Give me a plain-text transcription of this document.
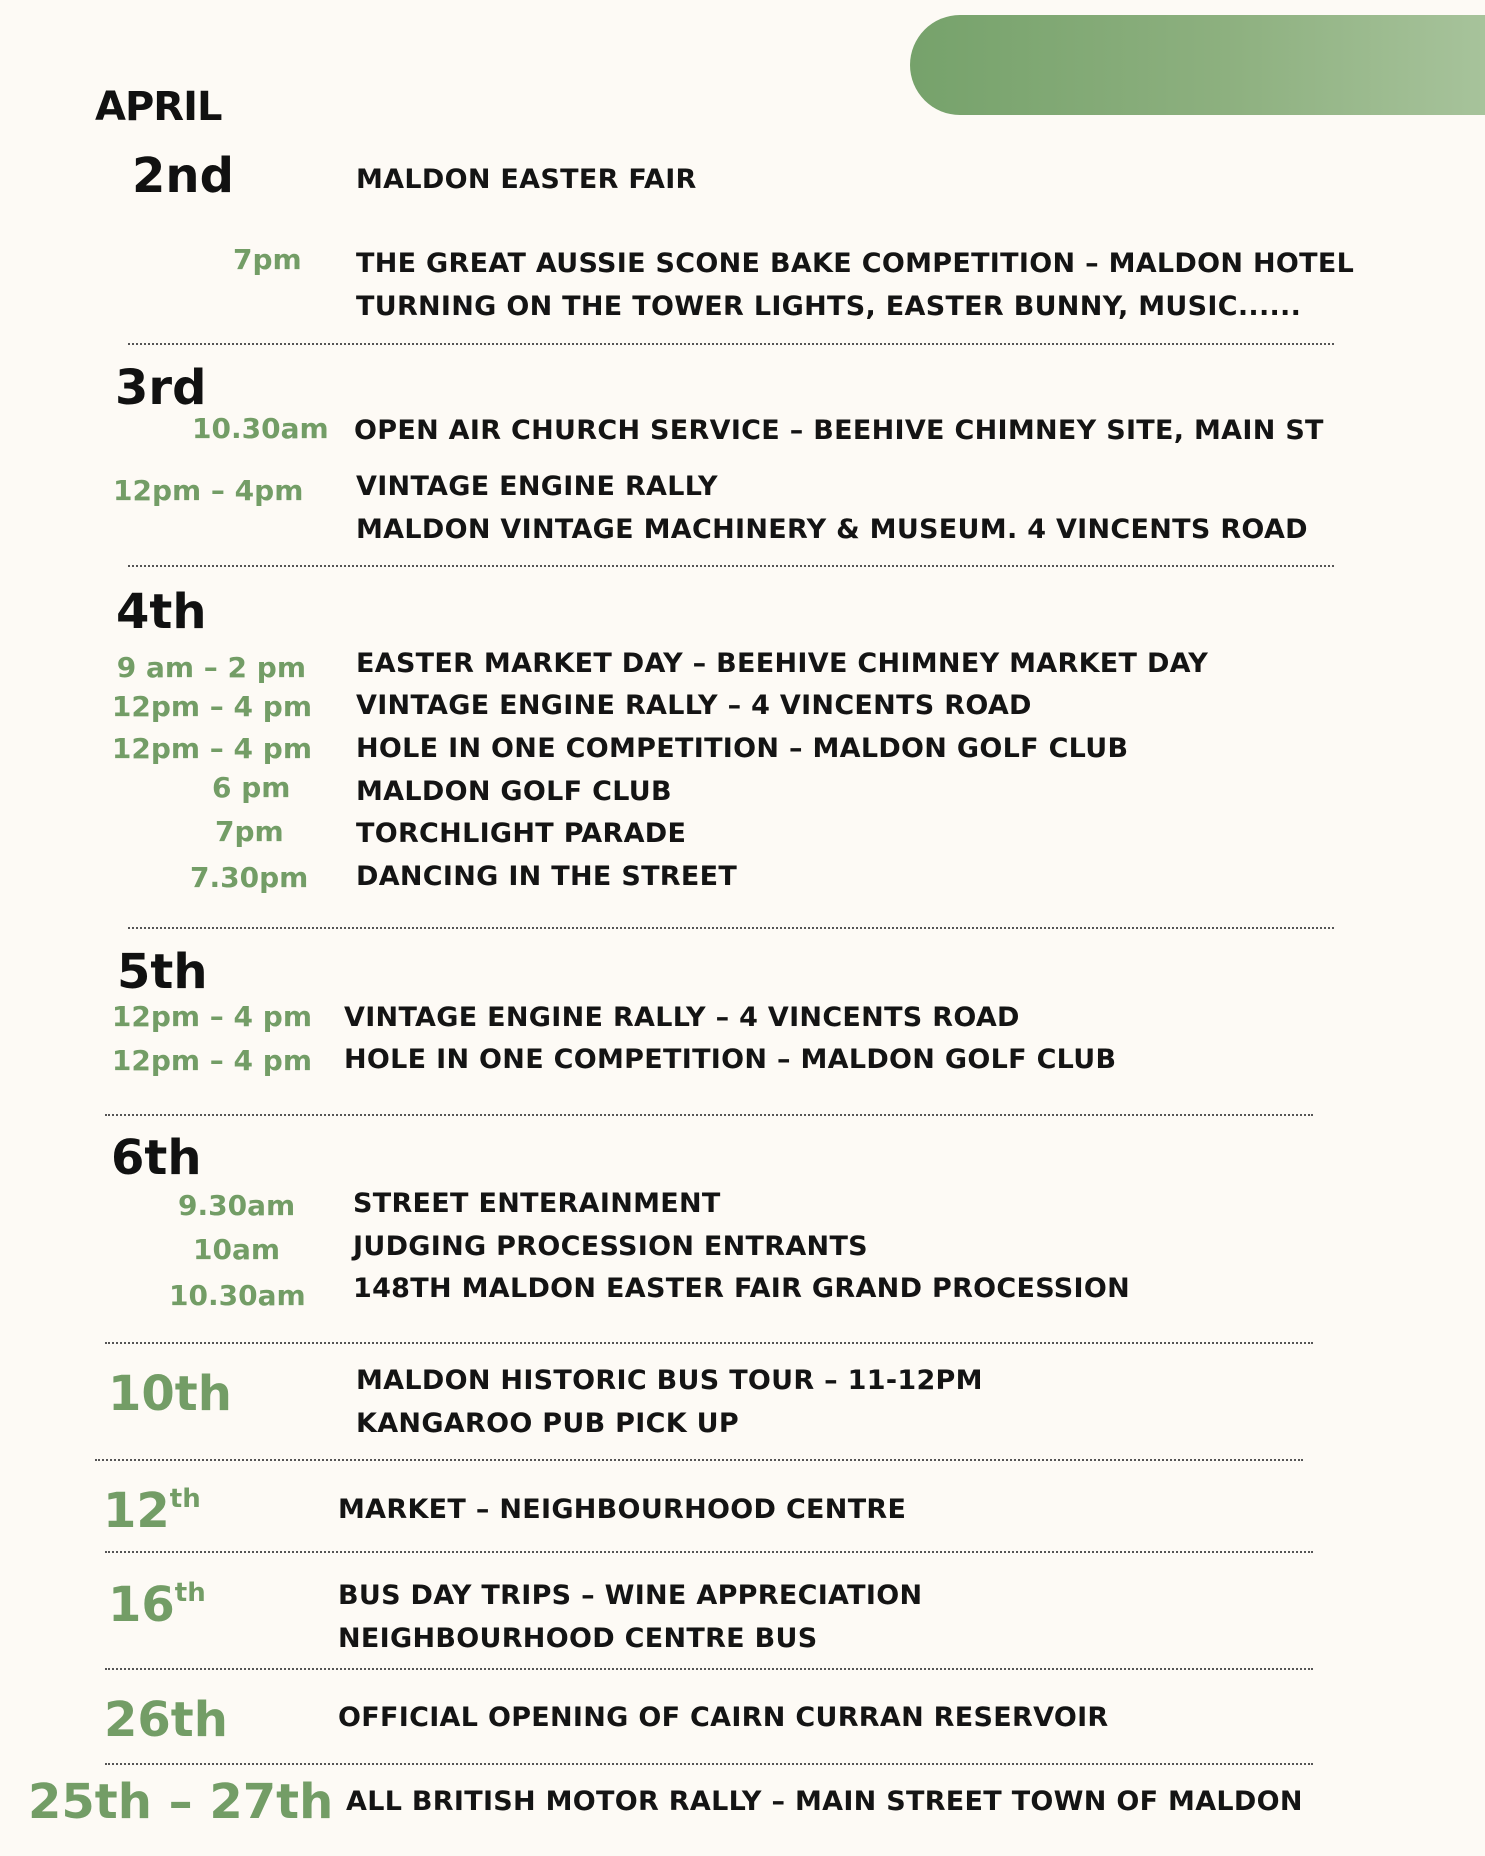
APRIL
2nd	MALDON EASTER FAIR
7pm THE GREAT AUSSIE SCONE BAKE COMPETITION – MALDON HOTEL
TURNING ON THE TOWER LIGHTS, EASTER BUNNY, MUSIC......
3rd
10.30am OPEN AIR CHURCH SERVICE – BEEHIVE CHIMNEY SITE, MAIN ST
12pm – 4pm VINTAGE ENGINE RALLY
MALDON VINTAGE MACHINERY & MUSEUM. 4 VINCENTS ROAD
4th
9 am – 2 pm EASTER MARKET DAY – BEEHIVE CHIMNEY MARKET DAY
12pm – 4 pm VINTAGE ENGINE RALLY – 4 VINCENTS ROAD
12pm – 4 pm HOLE IN ONE COMPETITION – MALDON GOLF CLUB
6 pm MALDON GOLF CLUB
7pm	TORCHLIGHT PARADE
7.30pm DANCING IN THE STREET
5th
12pm – 4 pm VINTAGE ENGINE RALLY – 4 VINCENTS ROAD
12pm – 4 pm HOLE IN ONE COMPETITION – MALDON GOLF CLUB
6th
9.30am STREET ENTERAINMENT
10am	JUDGING PROCESSION ENTRANTS
10.30am 148TH MALDON EASTER FAIR GRAND PROCESSION
10th	MALDON HISTORIC BUS TOUR – 11-12PM
KANGAROO PUB PICK UP
12th	MARKET – NEIGHBOURHOOD CENTRE
16th	BUS DAY TRIPS – WINE APPRECIATION
NEIGHBOURHOOD CENTRE BUS
26th	OFFICIAL OPENING OF CAIRN CURRAN RESERVOIR
25th – 27th ALL BRITISH MOTOR RALLY – MAIN STREET TOWN OF MALDON
